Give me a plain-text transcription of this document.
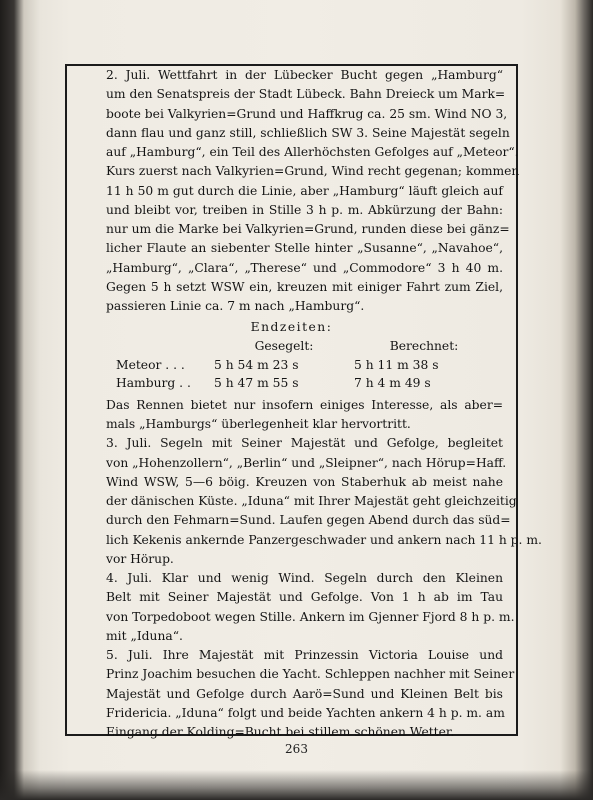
2. Juli. Wettfahrt in der Lübecker Bucht gegen „Hamburg“
um den Senatspreis der Stadt Lübeck. Bahn Dreieck um Mark=
boote bei Valkyrien=Grund und Haffkrug ca. 25 sm. Wind NO 3,
dann flau und ganz still, schließlich SW 3. Seine Majestät segeln
auf „Hamburg“, ein Teil des Allerhöchsten Gefolges auf „Meteor“.
Kurs zuerst nach Valkyrien=Grund, Wind recht gegenan; kommen
11 h 50 m gut durch die Linie, aber „Hamburg“ läuft gleich auf
und bleibt vor, treiben in Stille 3 h p. m. Abkürzung der Bahn:
nur um die Marke bei Valkyrien=Grund, runden diese bei gänz=
licher Flaute an siebenter Stelle hinter „Susanne“, „Navahoe“,
„Hamburg“, „Clara“, „Therese“ und „Commodore“ 3 h 40 m.
Gegen 5 h setzt WSW ein, kreuzen mit einiger Fahrt zum Ziel,
passieren Linie ca. 7 m nach „Hamburg“.

Endzeiten:
	Gesegelt:	Berechnet:
Meteor . . .	5 h 54 m 23 s	5 h 11 m 38 s
Hamburg . .	5 h 47 m 55 s	7 h 4 m 49 s

Das Rennen bietet nur insofern einiges Interesse, als aber=
mals „Hamburgs“ überlegenheit klar hervortritt.

3. Juli. Segeln mit Seiner Majestät und Gefolge, begleitet
von „Hohenzollern“, „Berlin“ und „Sleipner“, nach Hörup=Haff.
Wind WSW, 5—6 böig. Kreuzen von Staberhuk ab meist nahe
der dänischen Küste. „Iduna“ mit Ihrer Majestät geht gleichzeitig
durch den Fehmarn=Sund. Laufen gegen Abend durch das süd=
lich Kekenis ankernde Panzergeschwader und ankern nach 11 h p. m.
vor Hörup.

4. Juli. Klar und wenig Wind. Segeln durch den Kleinen
Belt mit Seiner Majestät und Gefolge. Von 1 h ab im Tau
von Torpedoboot wegen Stille. Ankern im Gjenner Fjord 8 h p. m.
mit „Iduna“.

5. Juli. Ihre Majestät mit Prinzessin Victoria Louise und
Prinz Joachim besuchen die Yacht. Schleppen nachher mit Seiner
Majestät und Gefolge durch Aarö=Sund und Kleinen Belt bis
Fridericia. „Iduna“ folgt und beide Yachten ankern 4 h p. m. am
Eingang der Kolding=Bucht bei stillem schönen Wetter.

263
